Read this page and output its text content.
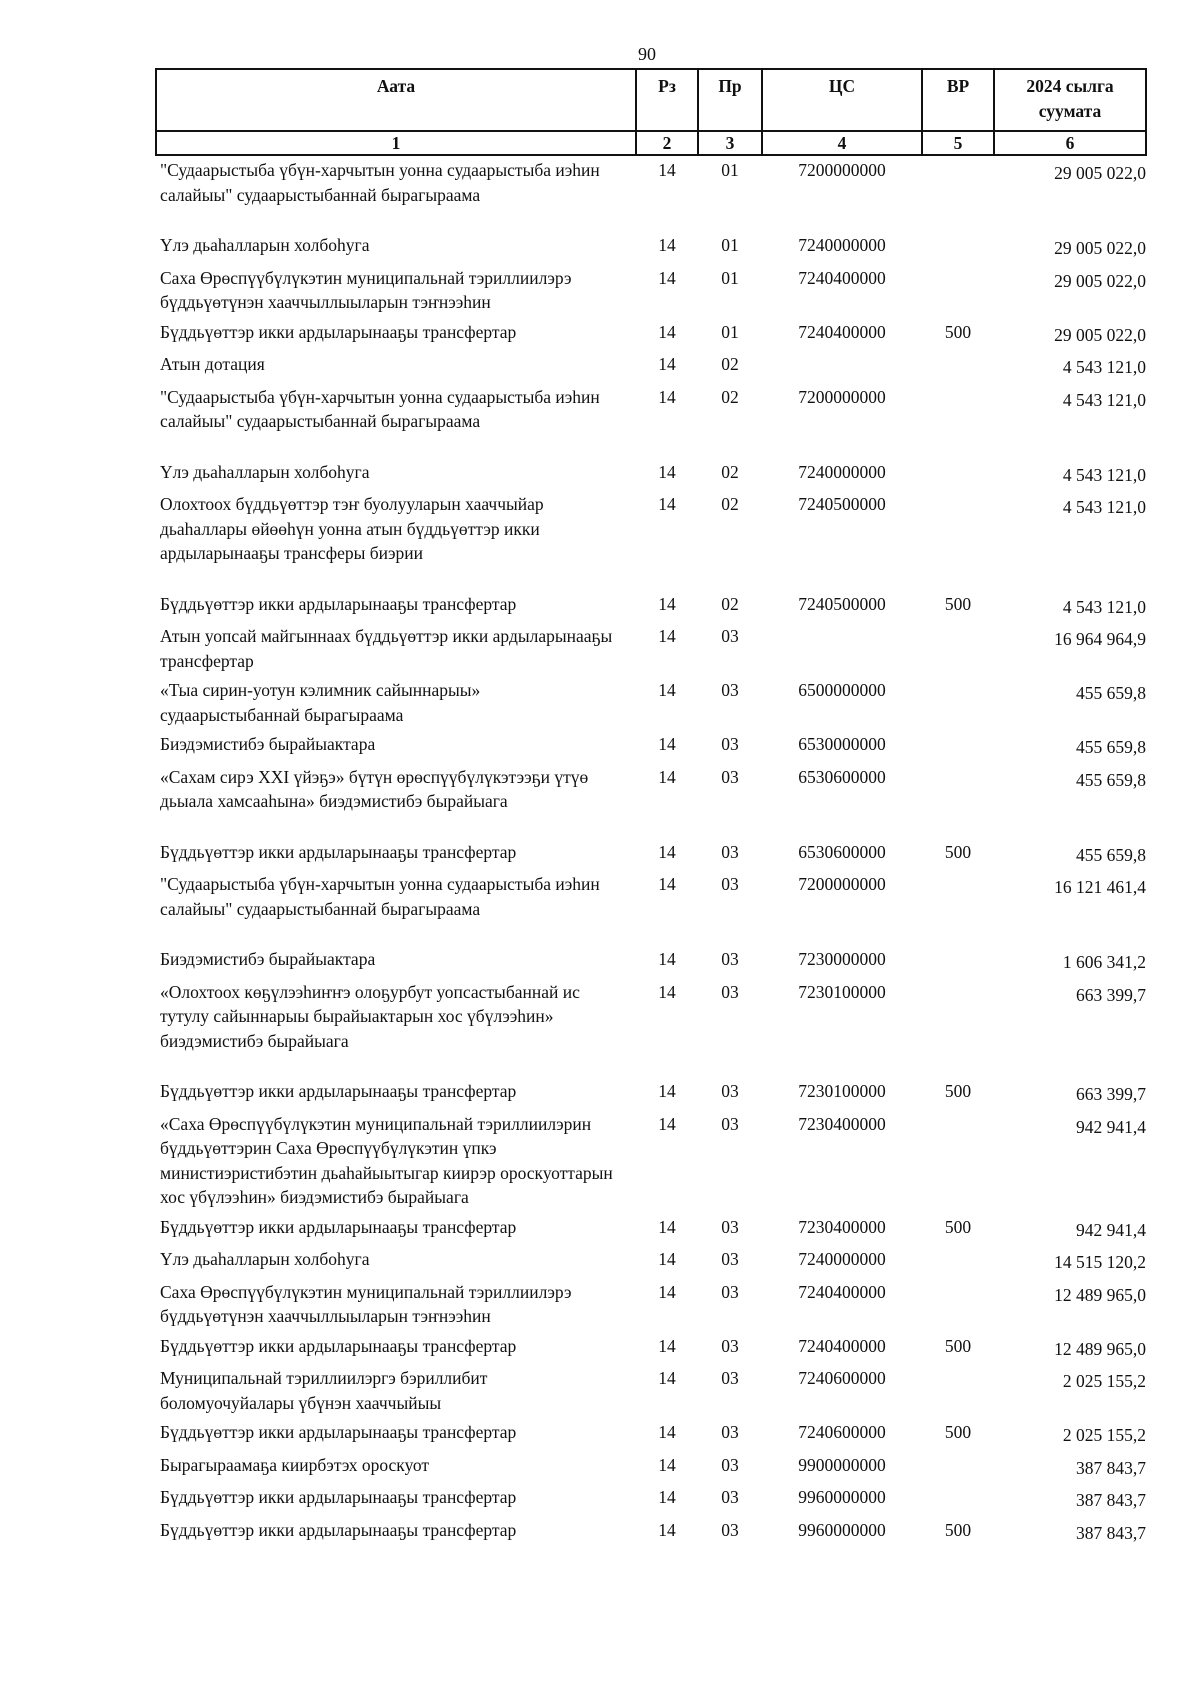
90
Аата	Рз	Пр	ЦС	ВР	2024 сылга суумата
1	2	3	4	5	6
"Судаарыстыба үбүн-харчытын уонна судаарыстыба иэһин салайыы" судаарыстыбаннай бырагыраама	14	01	7200000000		29 005 022,0
Үлэ дьаһалларын холбоһуга	14	01	7240000000		29 005 022,0
Саха Өрөспүүбүлүкэтин муниципальнай тэриллиилэрэ бүддьүөтүнэн хааччыллыыларын тэҥнээһин	14	01	7240400000		29 005 022,0
Бүддьүөттэр икки ардыларынааҕы трансфертар	14	01	7240400000	500	29 005 022,0
Атын дотация	14	02			4 543 121,0
"Судаарыстыба үбүн-харчытын уонна судаарыстыба иэһин салайыы" судаарыстыбаннай бырагыраама	14	02	7200000000		4 543 121,0
Үлэ дьаһалларын холбоһуга	14	02	7240000000		4 543 121,0
Олохтоох бүддьүөттэр тэҥ буолууларын хааччыйар дьаһаллары өйөөһүн уонна атын бүддьүөттэр икки ардыларынааҕы трансферы биэрии	14	02	7240500000		4 543 121,0
Бүддьүөттэр икки ардыларынааҕы трансфертар	14	02	7240500000	500	4 543 121,0
Атын уопсай майгыннаах бүддьүөттэр икки ардыларынааҕы трансфертар	14	03			16 964 964,9
«Тыа сирин-уотун кэлимник сайыннарыы» судаарыстыбаннай бырагыраама	14	03	6500000000		455 659,8
Биэдэмистибэ бырайыактара	14	03	6530000000		455 659,8
«Сахам сирэ XXI үйэҕэ» бүтүн өрөспүүбүлүкэтээҕи үтүө дьыала хамсааһына» биэдэмистибэ бырайыага	14	03	6530600000		455 659,8
Бүддьүөттэр икки ардыларынааҕы трансфертар	14	03	6530600000	500	455 659,8
"Судаарыстыба үбүн-харчытын уонна судаарыстыба иэһин салайыы" судаарыстыбаннай бырагыраама	14	03	7200000000		16 121 461,4
Биэдэмистибэ бырайыактара	14	03	7230000000		1 606 341,2
«Олохтоох көҕүлээһиҥҥэ олоҕурбут уопсастыбаннай ис тутулу сайыннарыы бырайыактарын хос үбүлээһин» биэдэмистибэ бырайыага	14	03	7230100000		663 399,7
Бүддьүөттэр икки ардыларынааҕы трансфертар	14	03	7230100000	500	663 399,7
«Саха Өрөспүүбүлүкэтин муниципальнай тэриллиилэрин бүддьүөттэрин Саха Өрөспүүбүлүкэтин үпкэ министиэристибэтин дьаһайыытыгар киирэр ороскуоттарын хос үбүлээһин» биэдэмистибэ бырайыага	14	03	7230400000		942 941,4
Бүддьүөттэр икки ардыларынааҕы трансфертар	14	03	7230400000	500	942 941,4
Үлэ дьаһалларын холбоһуга	14	03	7240000000		14 515 120,2
Саха Өрөспүүбүлүкэтин муниципальнай тэриллиилэрэ бүддьүөтүнэн хааччыллыыларын тэҥнээһин	14	03	7240400000		12 489 965,0
Бүддьүөттэр икки ардыларынааҕы трансфертар	14	03	7240400000	500	12 489 965,0
Муниципальнай тэриллиилэргэ бэриллибит боломуочуйалары үбүнэн хааччыйыы	14	03	7240600000		2 025 155,2
Бүддьүөттэр икки ардыларынааҕы трансфертар	14	03	7240600000	500	2 025 155,2
Бырагыраамаҕа киирбэтэх ороскуот	14	03	9900000000		387 843,7
Бүддьүөттэр икки ардыларынааҕы трансфертар	14	03	9960000000		387 843,7
Бүддьүөттэр икки ардыларынааҕы трансфертар	14	03	9960000000	500	387 843,7
